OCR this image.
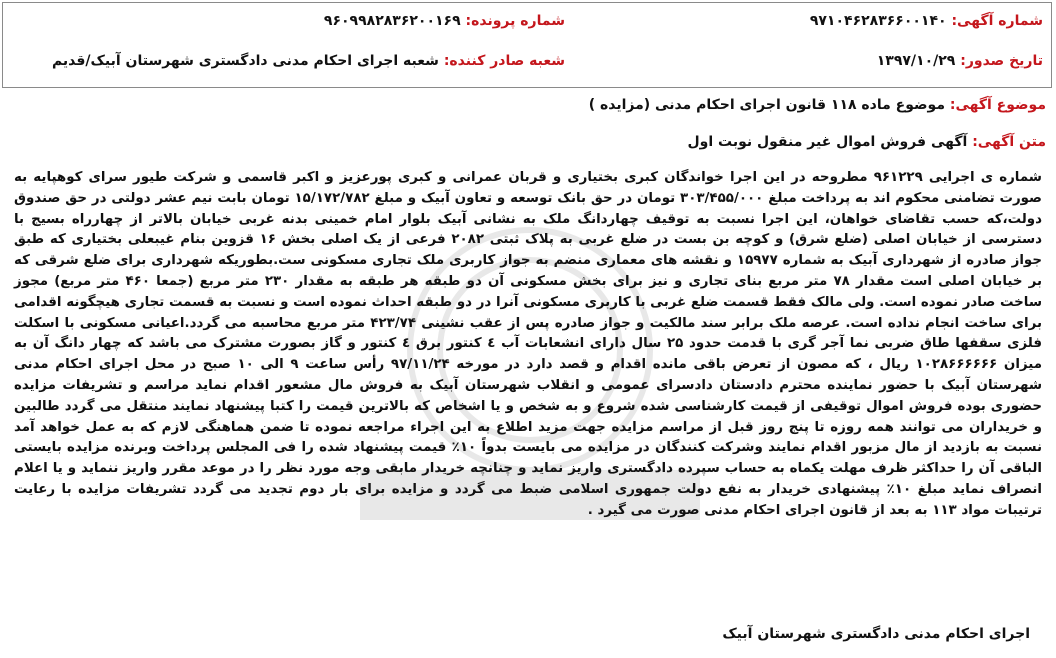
شماره آگهی: ۹۷۱۰۴۶۲۸۳۶۶۰۰۱۴۰
شماره پرونده: ۹۶۰۹۹۸۲۸۳۶۲۰۰۱۶۹
تاریخ صدور: ۱۳۹۷/۱۰/۲۹
شعبه صادر کننده: شعبه اجرای احکام مدنی دادگستری شهرستان آبیک/قدیم
موضوع آگهی: موضوع ماده ۱۱۸ قانون اجرای احکام مدنی (مزایده )
متن آگهی: آگهی فروش اموال غیر منقول نوبت اول
شماره ی اجرایی ۹۶۱۲۲۹ مطروحه در این اجرا خواندگان کبری بختیاری و قربان عمرانی و کبری پورعزیز و اکبر قاسمی و شرکت طیور سرای کوهپایه به صورت تضامنی محکوم اند به پرداخت مبلغ ۳۰۳/۴۵۵/۰۰۰ تومان در حق بانک توسعه و تعاون آبیک و مبلغ ۱۵/۱۷۲/۷۸۲ تومان بابت نیم عشر دولتی در حق صندوق دولت،که حسب تقاضای خواهان، این اجرا نسبت به توقیف چهاردانگ ملک به نشانی آبیک بلوار امام خمینی بدنه غربی خیابان بالاتر از چهارراه بسیج با دسترسی از خیابان اصلی (ضلع شرق) و کوچه بن بست در ضلع غربی به پلاک ثبتی ۲۰۸۲ فرعی از یک اصلی بخش ۱۶ قزوین بنام غیبعلی بختیاری که طبق جواز صادره از شهرداری آبیک به شماره ۱۵۹۷۷ و نقشه های معماری منضم به جواز کاربری ملک تجاری مسکونی ست.بطوریکه شهرداری برای ضلع شرقی که بر خیابان اصلی است مقدار ۷۸ متر مربع بنای تجاری و نیز برای بخش مسکونی آن دو طبقه هر طبقه به مقدار ۲۳۰ متر مربع (جمعا ۴۶۰ متر مربع) مجوز ساخت صادر نموده است. ولی مالک فقط قسمت ضلع غربی با کاربری مسکونی آنرا در دو طبقه احداث نموده است و نسبت به قسمت تجاری هیچگونه اقدامی برای ساخت انجام نداده است. عرصه ملک برابر سند مالکیت و جواز صادره پس از عقب نشینی ۴۲۳/۷۴ متر مربع محاسبه می گردد.اعیانی مسکونی با اسکلت فلزی سقفها طاق ضربی نما آجر گری با قدمت حدود ۲۵ سال دارای انشعابات آب ٤ کنتور برق ٤ کنتور و گاز بصورت مشترک می باشد که چهار دانگ آن به میزان ۱۰۲۸۶۶۶۶۶۶ ریال ، که مصون از تعرض باقی مانده اقدام و قصد دارد در مورخه ۹۷/۱۱/۲۴ رأس ساعت ۹ الی ۱۰ صبح در محل اجرای احکام مدنی شهرستان آبیک با حضور نماینده محترم دادستان دادسرای عمومی و انقلاب شهرستان آبیک به فروش مال مشعور اقدام نماید مراسم و تشریفات مزایده حضوری بوده فروش اموال توقیفی از قیمت کارشناسی شده شروع و به شخص و یا اشخاص که بالاترین قیمت را کتبا پیشنهاد نمایند منتقل می گردد طالبین و خریداران می توانند همه روزه تا پنج روز قبل از مراسم مزایده جهت مزید اطلاع به این اجراء مراجعه نموده تا ضمن هماهنگی لازم که به عمل خواهد آمد نسبت به بازدید از مال مزبور اقدام نمایند وشرکت کنندگان در مزایده می بایست بدواً ۱۰٪ قیمت پیشنهاد شده را فی المجلس پرداخت وبرنده مزایده بایستی الباقی آن را حداکثر ظرف مهلت یکماه به حساب سپرده دادگستری واریز نماید و چنانچه خریدار مابقی وجه مورد نظر را در موعد مقرر واریز ننماید و یا اعلام انصراف نماید مبلغ ۱۰٪ پیشنهادی خریدار به نفع دولت جمهوری اسلامی ضبط می گردد و مزایده برای بار دوم تجدید می گردد تشریفات مزایده با رعایت ترتیبات مواد ۱۱۳ به بعد از قانون اجرای احکام مدنی صورت می گیرد .
اجرای احکام مدنی دادگستری شهرستان آبیک
